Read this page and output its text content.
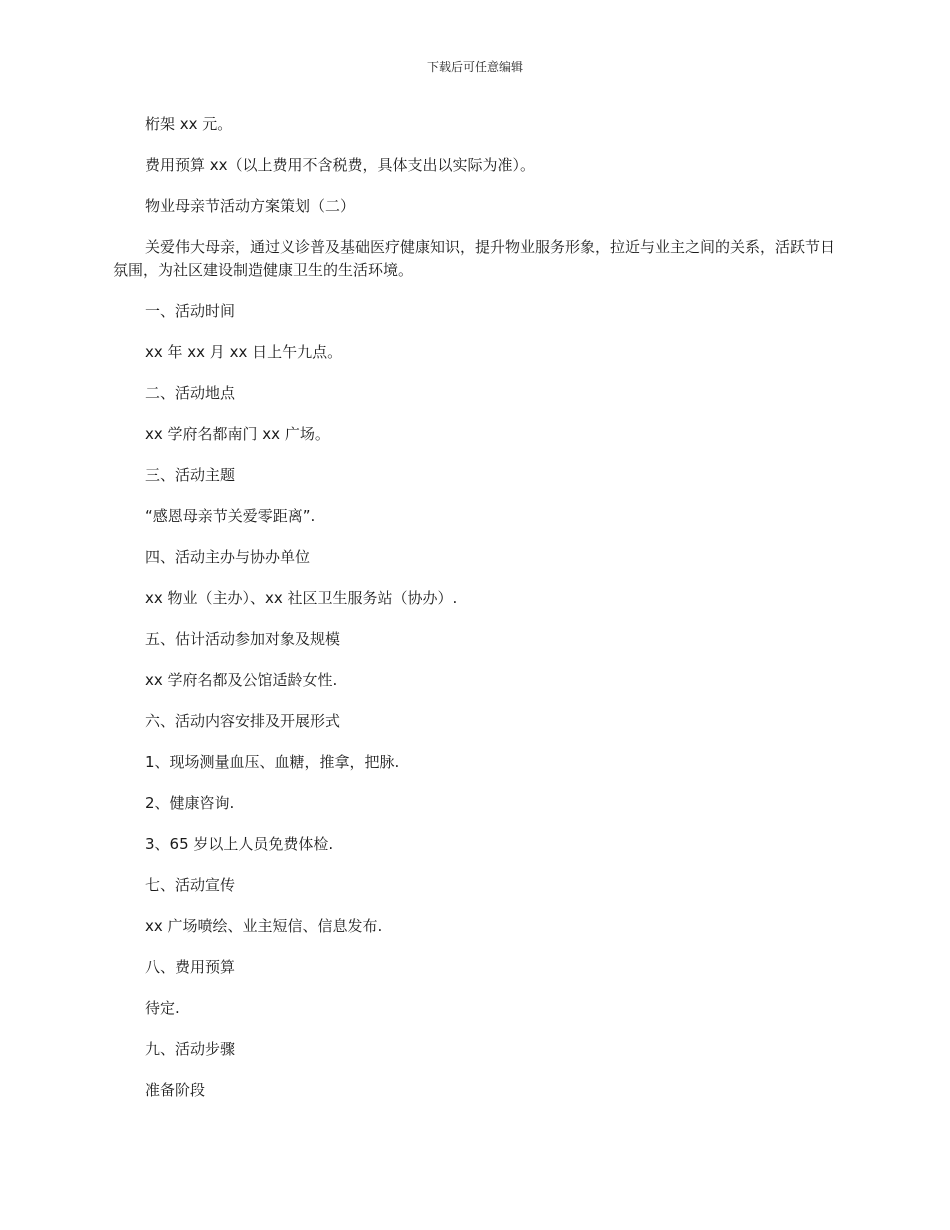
下载后可任意编辑

桁架 xx 元。

费用预算 xx（以上费用不含税费，具体支出以实际为准）。

物业母亲节活动方案策划（二）

关爱伟大母亲，通过义诊普及基础医疗健康知识，提升物业服务形象，拉近与业主之间的关系，活跃节日氛围，为社区建设制造健康卫生的生活环境。

一、活动时间

xx 年 xx 月 xx 日上午九点。

二、活动地点

xx 学府名都南门 xx 广场。

三、活动主题

“感恩母亲节关爱零距离”.

四、活动主办与协办单位

xx 物业（主办）、xx 社区卫生服务站（协办）.

五、估计活动参加对象及规模

xx 学府名都及公馆适龄女性.

六、活动内容安排及开展形式

1、现场测量血压、血糖，推拿，把脉.

2、健康咨询.

3、65 岁以上人员免费体检.

七、活动宣传

xx 广场喷绘、业主短信、信息发布.

八、费用预算

待定.

九、活动步骤

准备阶段
